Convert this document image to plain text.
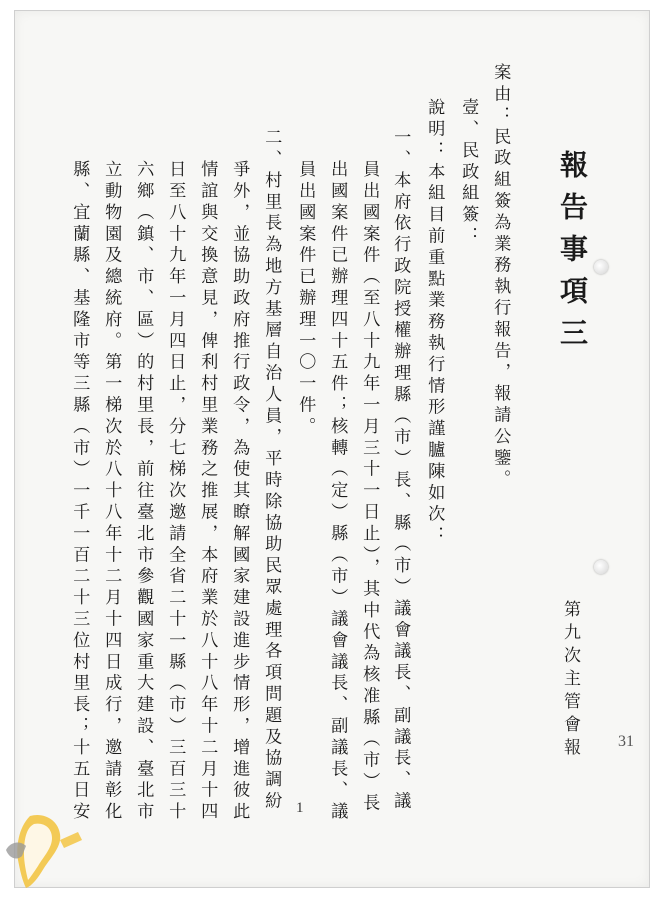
報告事項三
第九次主管會報 31
1
案由：民政組簽為業務執行報告，報請公鑒。
壹、民政組簽：
說明：本組目前重點業務執行情形謹臚陳如次：
一、本府依行政院授權辦理縣（市）長、縣（市）議會議長、副議長、議
員出國案件（至八十九年一月三十一日止），其中代為核准縣（市）長
出國案件已辦理四十五件；核轉（定）縣（市）議會議長、副議長、議
員出國案件已辦理一〇一件。
二、村里長為地方基層自治人員，平時除協助民眾處理各項問題及協調紛
爭外，並協助政府推行政令，為使其瞭解國家建設進步情形，增進彼此
情誼與交換意見，俾利村里業務之推展，本府業於八十八年十二月十四
日至八十九年一月四日止，分七梯次邀請全省二十一縣（市）三百三十
六鄉（鎮、市、區）的村里長，前往臺北市參觀國家重大建設、臺北市
立動物園及總統府。第一梯次於八十八年十二月十四日成行，邀請彰化
縣、宜蘭縣、基隆市等三縣（市）一千一百二十三位村里長；十五日安
